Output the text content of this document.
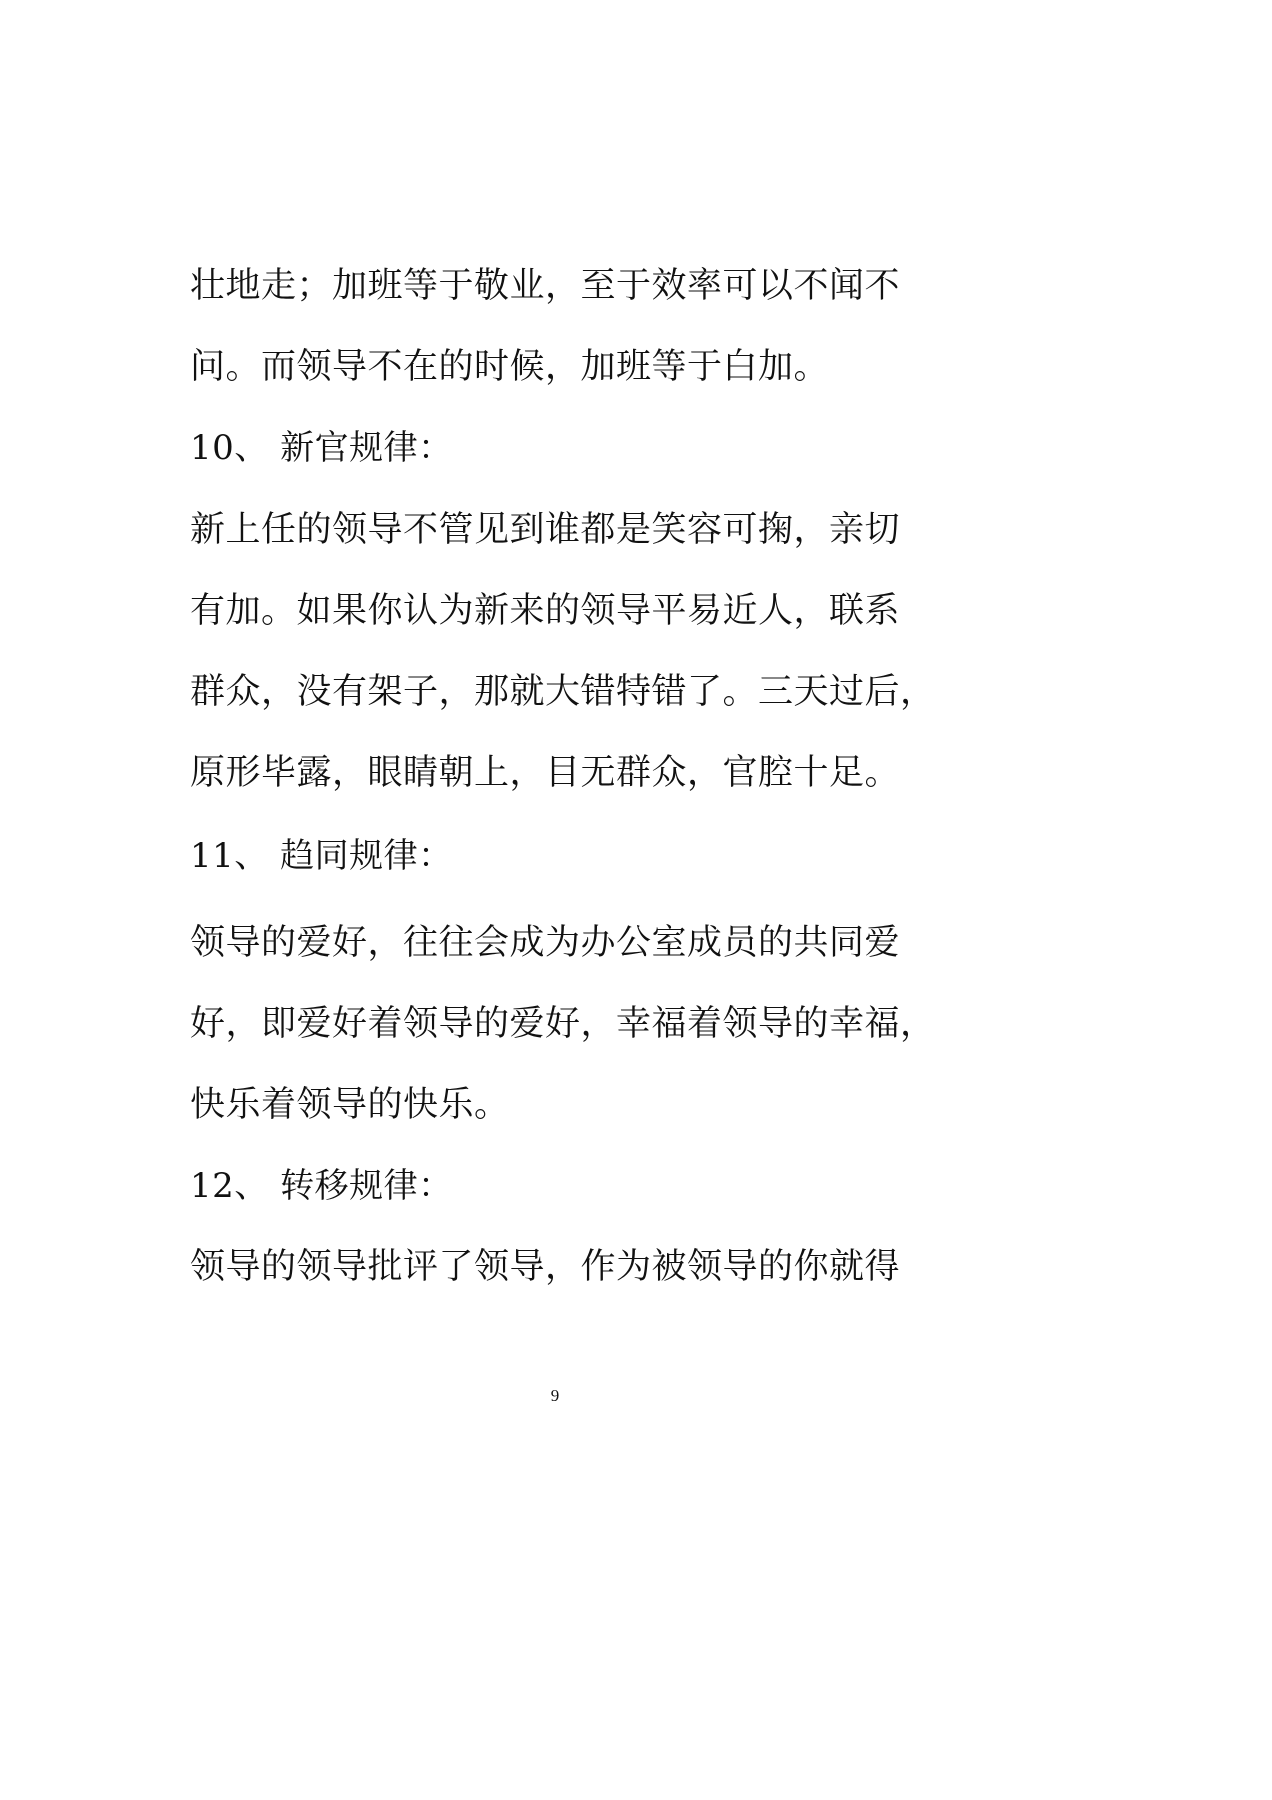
壮地走；加班等于敬业，至于效率可以不闻不
问。而领导不在的时候，加班等于白加。
10、 新官规律：
新上任的领导不管见到谁都是笑容可掬，亲切
有加。如果你认为新来的领导平易近人，联系
群众，没有架子，那就大错特错了。三天过后，
原形毕露，眼睛朝上，目无群众，官腔十足。
11、 趋同规律：
领导的爱好，往往会成为办公室成员的共同爱
好，即爱好着领导的爱好，幸福着领导的幸福，
快乐着领导的快乐。
12、 转移规律：
领导的领导批评了领导，作为被领导的你就得
9
